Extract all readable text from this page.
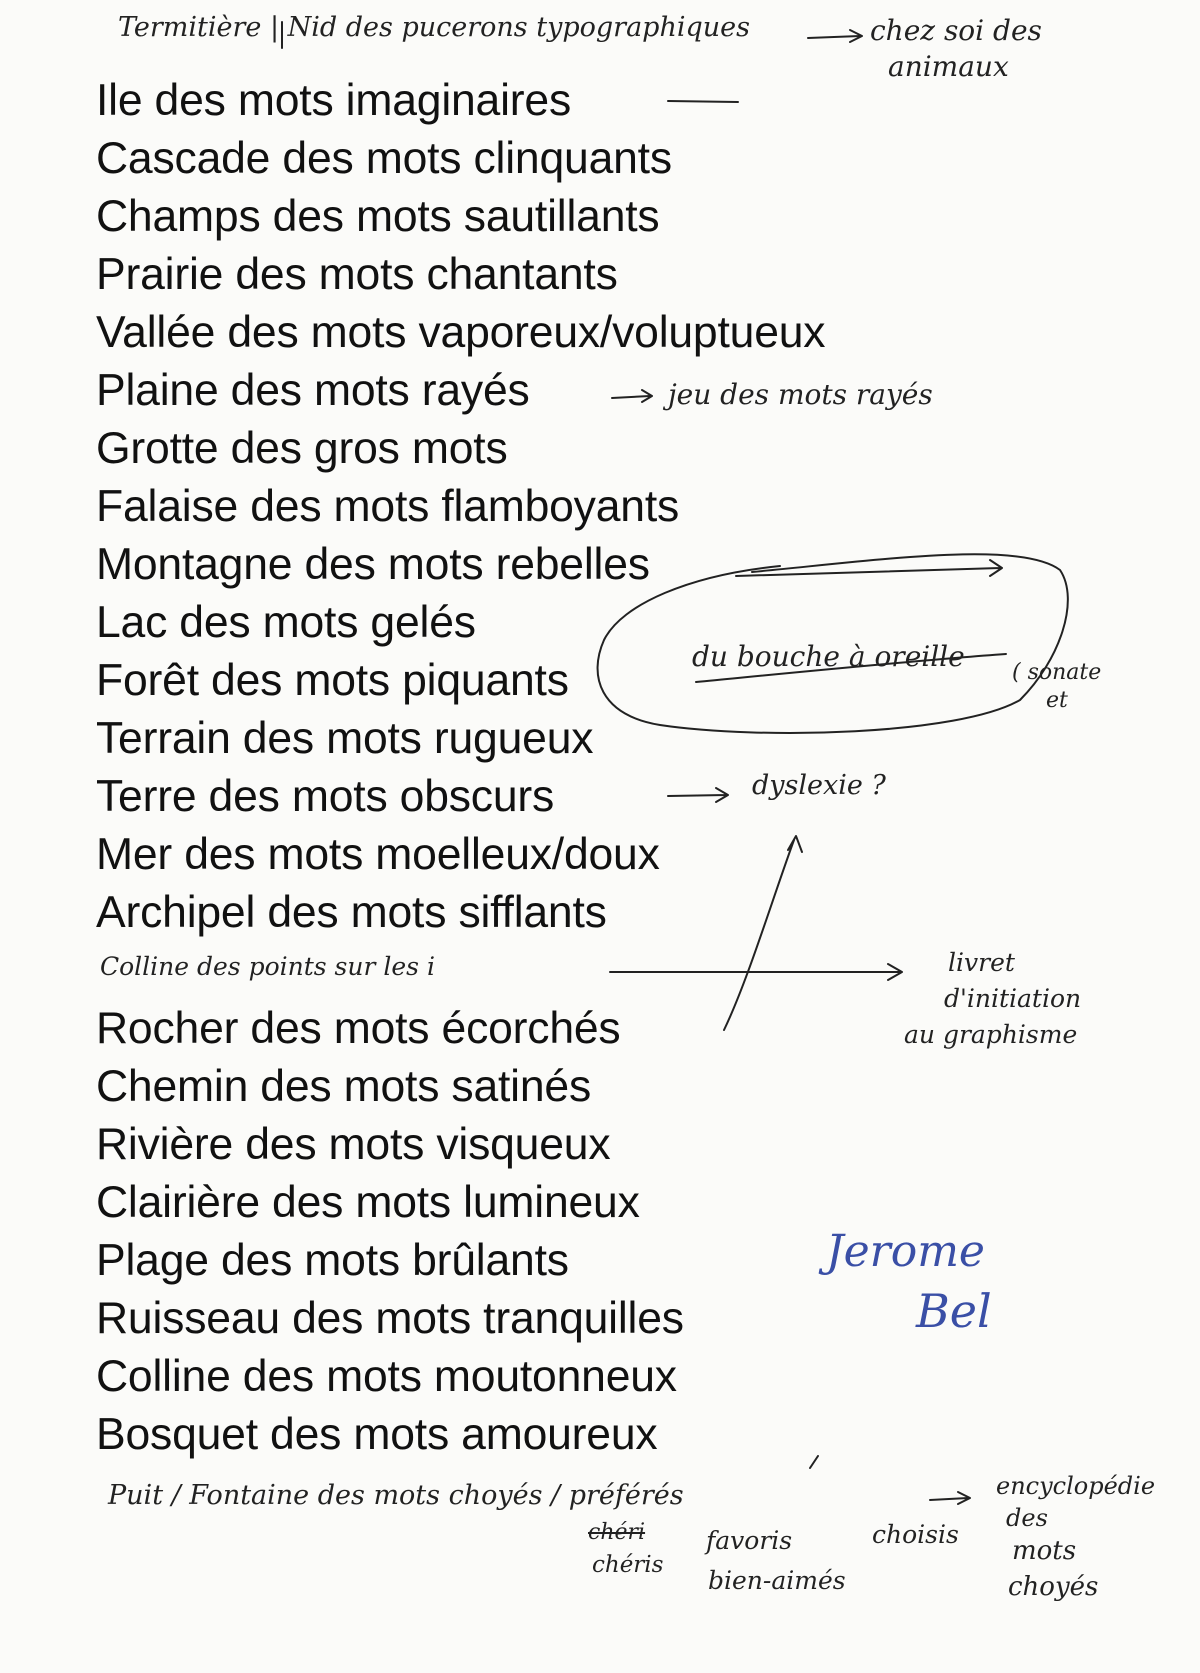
Ile des mots imaginaires
Cascade des mots clinquants
Champs des mots sautillants
Prairie des mots chantants
Vallée des mots vaporeux/voluptueux
Plaine des mots rayés
Grotte des gros mots
Falaise des mots flamboyants
Montagne des mots rebelles
Lac des mots gelés
Forêt des mots piquants
Terrain des mots rugueux
Terre des mots obscurs
Mer des mots moelleux/doux
Archipel des mots sifflants
Rocher des mots écorchés
Chemin des mots satinés
Rivière des mots visqueux
Clairière des mots lumineux
Plage des mots brûlants
Ruisseau des mots tranquilles
Colline des mots moutonneux
Bosquet des mots amoureux

Termitière | Nid des pucerons typographiques	chez soi des

animaux

jeu des mots rayés

du bouche à oreille ( sonate

et

dyslexie ?

Colline des points sur les i	livret

d'initiation

au graphisme

Jerome

Bel

Puit / Fontaine des mots choyés / préférés

chéri

chéris

favoris

bien-aimés

choisis

encyclopédie

des

mots

choyés
